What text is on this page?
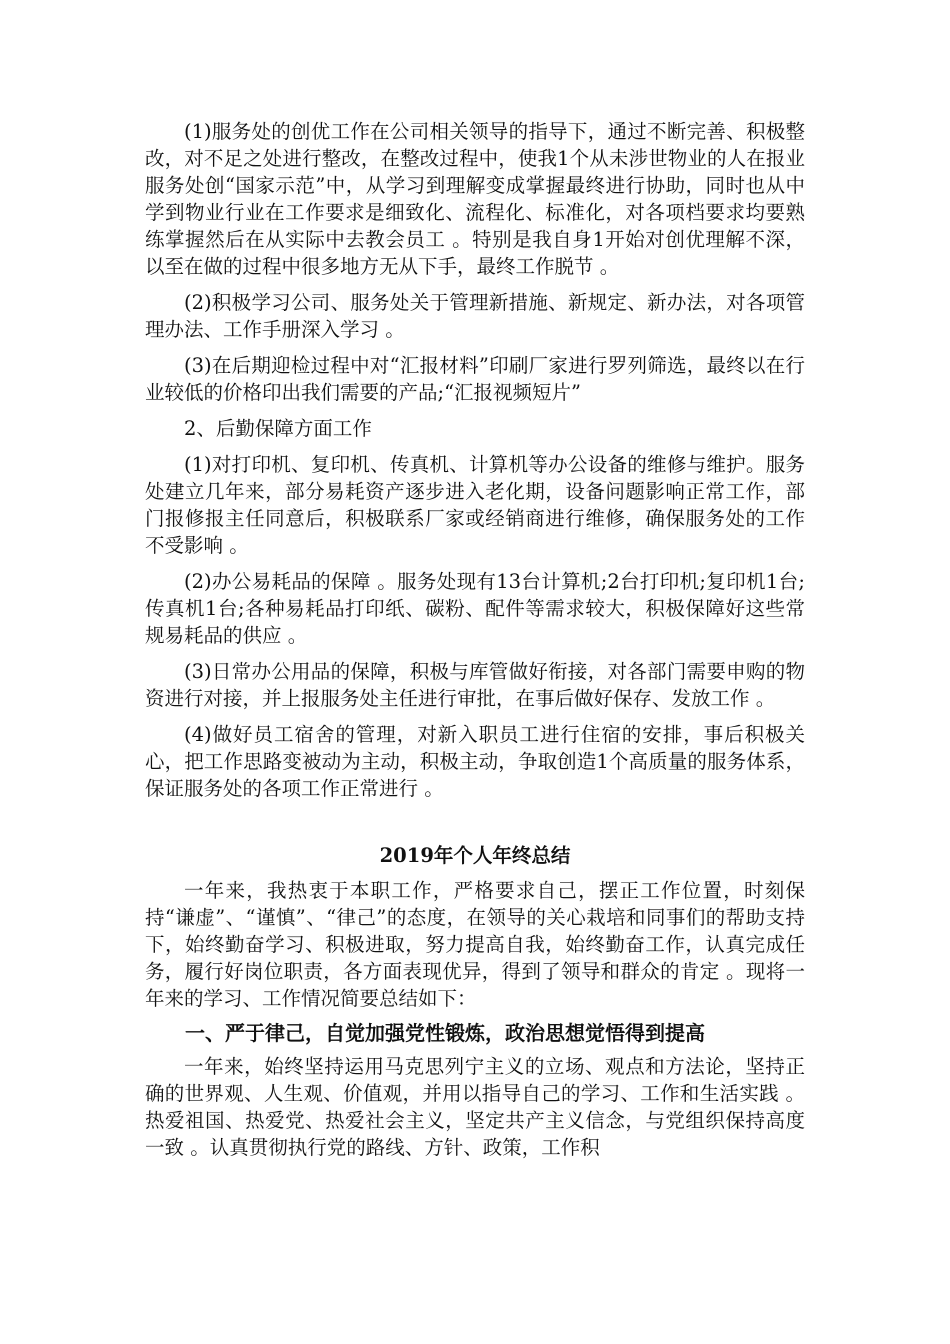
(1)服务处的创优工作在公司相关领导的指导下，通过不断完善、积极整改，对不足之处进行整改，在整改过程中，使我1个从未涉世物业的人在报业服务处创“国家示范”中，从学习到理解变成掌握最终进行协助，同时也从中学到物业行业在工作要求是细致化、流程化、标准化，对各项档要求均要熟练掌握然后在从实际中去教会员工 。特别是我自身1开始对创优理解不深，以至在做的过程中很多地方无从下手，最终工作脱节 。

(2)积极学习公司、服务处关于管理新措施、新规定、新办法，对各项管理办法、工作手册深入学习 。

(3)在后期迎检过程中对“汇报材料”印刷厂家进行罗列筛选，最终以在行业较低的价格印出我们需要的产品;“汇报视频短片”

2、后勤保障方面工作

(1)对打印机、复印机、传真机、计算机等办公设备的维修与维护。服务处建立几年来，部分易耗资产逐步进入老化期，设备问题影响正常工作，部门报修报主任同意后，积极联系厂家或经销商进行维修，确保服务处的工作不受影响 。

(2)办公易耗品的保障 。服务处现有13台计算机;2台打印机;复印机1台;传真机1台;各种易耗品打印纸、碳粉、配件等需求较大，积极保障好这些常规易耗品的供应 。

(3)日常办公用品的保障，积极与库管做好衔接，对各部门需要申购的物资进行对接，并上报服务处主任进行审批，在事后做好保存、发放工作 。

(4)做好员工宿舍的管理，对新入职员工进行住宿的安排，事后积极关心，把工作思路变被动为主动，积极主动，争取创造1个高质量的服务体系，保证服务处的各项工作正常进行 。

2019年个人年终总结

一年来，我热衷于本职工作，严格要求自己，摆正工作位置，时刻保持“谦虚”、“谨慎”、“律己”的态度，在领导的关心栽培和同事们的帮助支持下，始终勤奋学习、积极进取，努力提高自我，始终勤奋工作，认真完成任务，履行好岗位职责，各方面表现优异，得到了领导和群众的肯定 。现将一年来的学习、工作情况简要总结如下：

一、严于律己，自觉加强党性锻炼，政治思想觉悟得到提高

一年来，始终坚持运用马克思列宁主义的立场、观点和方法论，坚持正确的世界观、人生观、价值观，并用以指导自己的学习、工作和生活实践 。热爱祖国、热爱党、热爱社会主义，坚定共产主义信念，与党组织保持高度一致 。认真贯彻执行党的路线、方针、政策，工作积
